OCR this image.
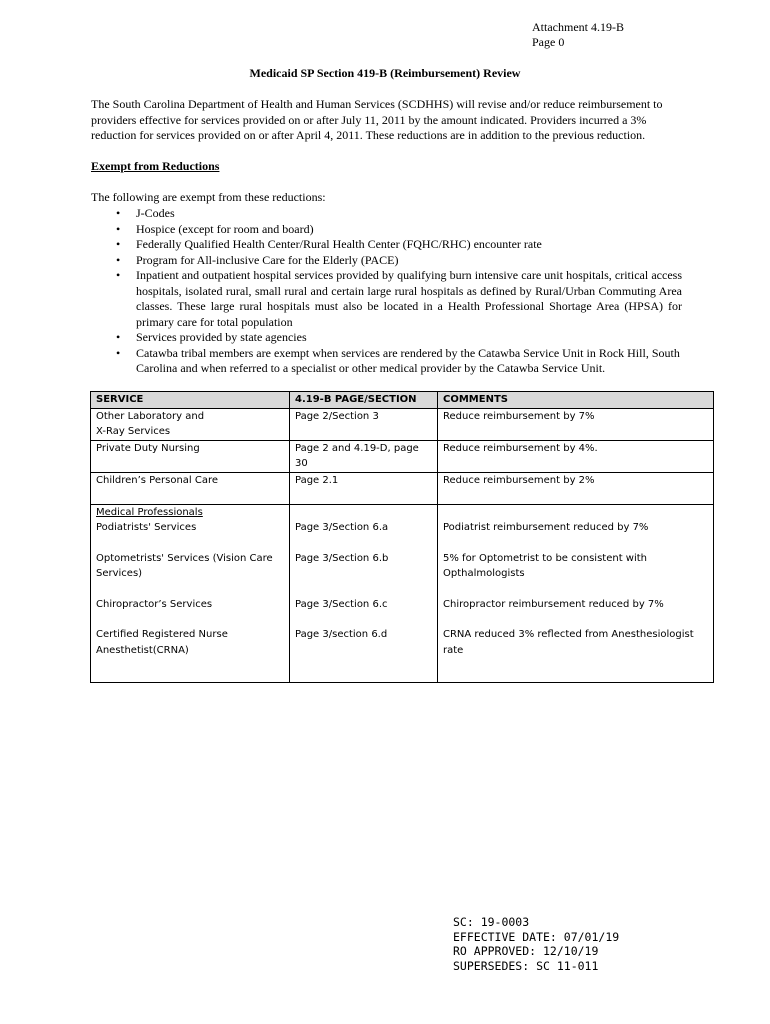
Attachment 4.19-B
Page 0
Medicaid SP Section 419-B (Reimbursement) Review
The South Carolina Department of Health and Human Services (SCDHHS) will revise and/or reduce reimbursement to providers effective for services provided on or after July 11, 2011 by the amount indicated. Providers incurred a 3% reduction for services provided on or after April 4, 2011. These reductions are in addition to the previous reduction.
Exempt from Reductions
The following are exempt from these reductions:
• J-Codes
• Hospice (except for room and board)
• Federally Qualified Health Center/Rural Health Center (FQHC/RHC) encounter rate
• Program for All-inclusive Care for the Elderly (PACE)
• Inpatient and outpatient hospital services provided by qualifying burn intensive care unit hospitals, critical access hospitals, isolated rural, small rural and certain large rural hospitals as defined by Rural/Urban Commuting Area classes. These large rural hospitals must also be located in a Health Professional Shortage Area (HPSA) for primary care for total population
• Services provided by state agencies
• Catawba tribal members are exempt when services are rendered by the Catawba Service Unit in Rock Hill, South Carolina and when referred to a specialist or other medical provider by the Catawba Service Unit.
SERVICE	4.19-B PAGE/SECTION	COMMENTS

Other Laboratory and
X-Ray Services	Page 2/Section 3	Reduce reimbursement by 7%
Private Duty Nursing	Page 2 and 4.19-D, page 30	Reduce reimbursement by 4%.
Children’s Personal Care	Page 2.1	Reduce reimbursement by 2%

Medical Professionals
Podiatrists' Services	Page 3/Section 6.a	Podiatrist reimbursement reduced by 7%

Optometrists' Services (Vision Care Services)	Page 3/Section 6.b	5% for Optometrist to be consistent with Opthalmologists
Chiropractor’s Services	Page 3/Section 6.c	Chiropractor reimbursement reduced by 7%
Certified Registered Nurse Anesthetist(CRNA)	Page 3/section 6.d	CRNA reduced 3% reflected from Anesthesiologist rate
SC: 19-0003
EFFECTIVE DATE: 07/01/19
RO APPROVED: 12/10/19
SUPERSEDES: SC 11-011
